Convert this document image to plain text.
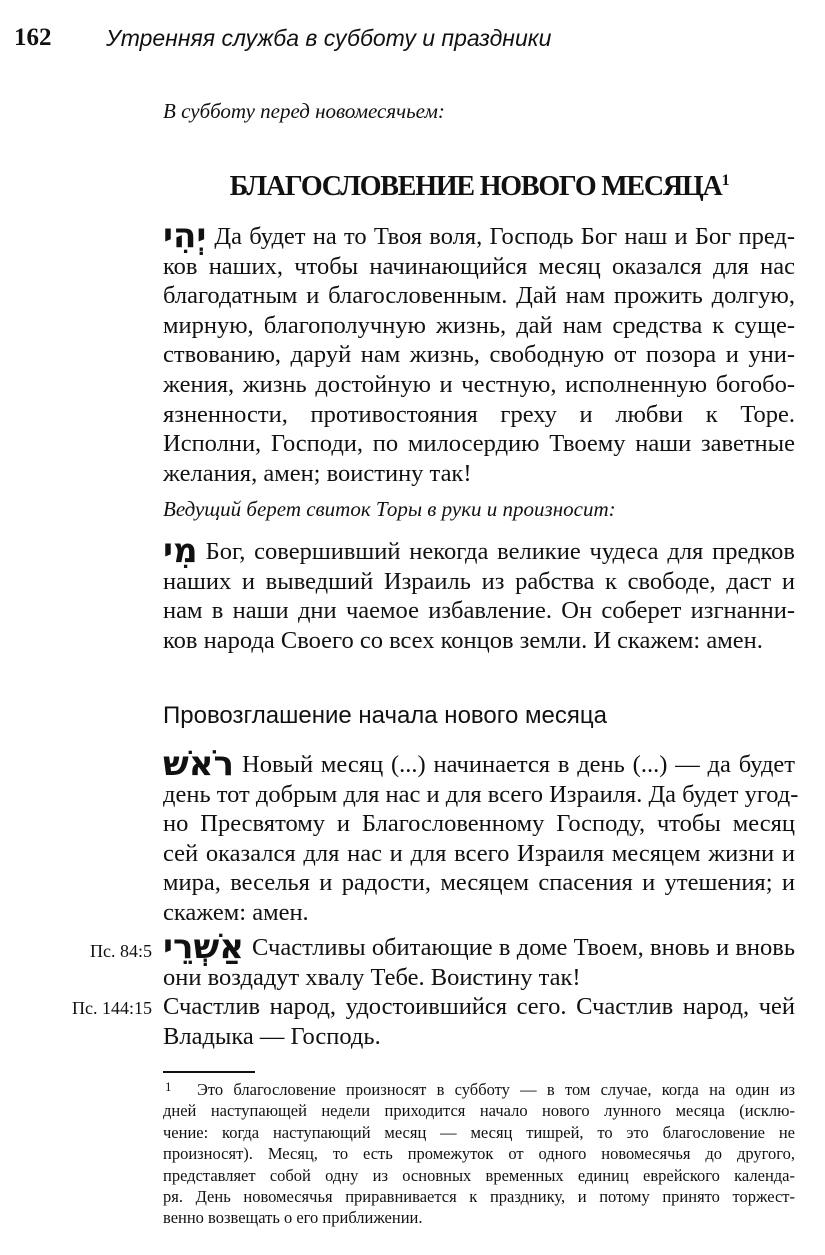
162 Утренняя служба в субботу и праздники
В субботу перед новомесячьем:
БЛАГОСЛОВЕНИЕ НОВОГО МЕСЯЦА$^1$
יְהִי Да будет на то Твоя воля, Господь Бог наш и Бог пред-
ков наших, чтобы начинающийся месяц оказался для нас
благодатным и благословенным. Дай нам прожить долгую,
мирную, благополучную жизнь, дай нам средства к суще-
ствованию, даруй нам жизнь, свободную от позора и уни-
жения, жизнь достойную и честную, исполненную богобо-
язненности, противостояния греху и любви к Торе.
Исполни, Господи, по милосердию Твоему наши заветные
желания, амен; воистину так!
Ведущий берет свиток Торы в руки и произносит:
מִי Бог, совершивший некогда великие чудеса для предков
наших и выведший Израиль из рабства к свободе, даст и
нам в наши дни чаемое избавление. Он соберет изгнанни-
ков народа Своего со всех концов земли. И скажем: амен.
Провозглашение начала нового месяца
רֹאשׁ Новый месяц (...) начинается в день (...) — да будет
день тот добрым для нас и для всего Израиля. Да будет угод-
но Пресвятому и Благословенному Господу, чтобы месяц
сей оказался для нас и для всего Израиля месяцем жизни и
мира, веселья и радости, месяцем спасения и утешения; и
скажем: амен.
Пс. 84:5 אַשְׁרֵי Счастливы обитающие в доме Твоем, вновь и вновь
они воздадут хвалу Тебе. Воистину так!
Пс. 144:15 Счастлив народ, удостоившийся сего. Счастлив народ, чей
Владыка — Господь.
1	Это благословение произносят в субботу — в том случае, когда на один из
дней наступающей недели приходится начало нового лунного месяца (исклю-
чение: когда наступающий месяц — месяц тишрей, то это благословение не
произносят). Месяц, то есть промежуток от одного новомесячья до другого,
представляет собой одну из основных временных единиц еврейского календа-
ря. День новомесячья приравнивается к празднику, и потому принято торжест-
венно возвещать о его приближении.
